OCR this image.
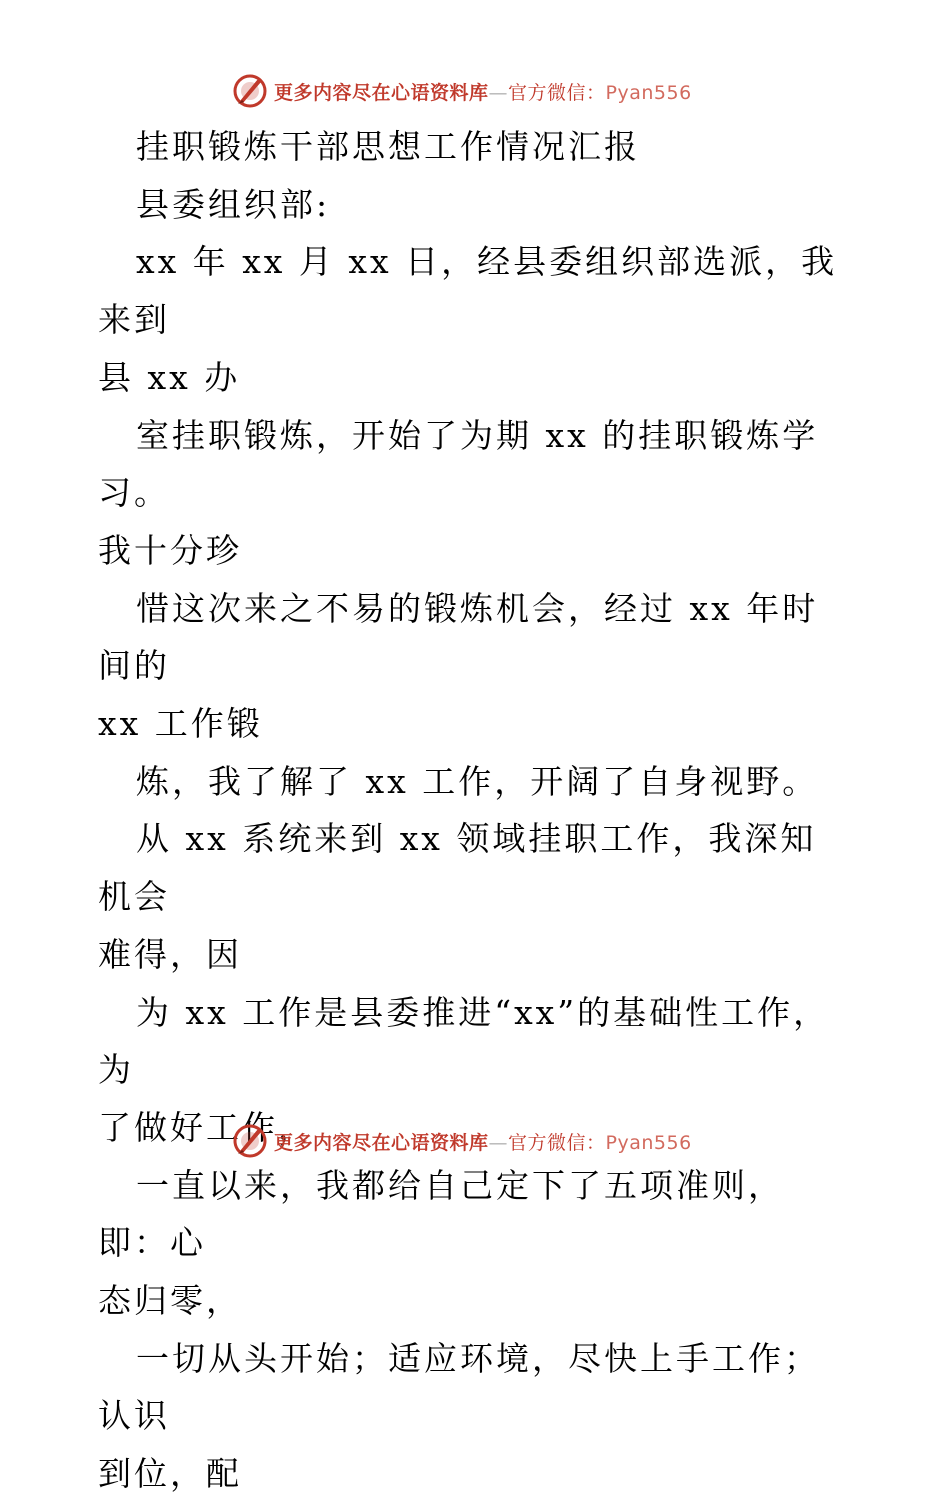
更多内容尽在心语资料库—官方微信：Pyan556

挂职锻炼干部思想工作情况汇报

县委组织部:

xx 年 xx 月 xx 日，经县委组织部选派，我来到

县 xx 办

室挂职锻炼，开始了为期 xx 的挂职锻炼学习。

我十分珍

惜这次来之不易的锻炼机会，经过 xx 年时间的

xx 工作锻

炼，我了解了 xx 工作，开阔了自身视野。

从 xx 系统来到 xx 领域挂职工作，我深知机会

难得，因

为 xx 工作是县委推进“xx”的基础性工作，为

了做好工作，

一直以来，我都给自己定下了五项准则，即：心

态归零，

一切从头开始；适应环境，尽快上手工作；认识

到位，配

更多内容尽在心语资料库—官方微信：Pyan556
